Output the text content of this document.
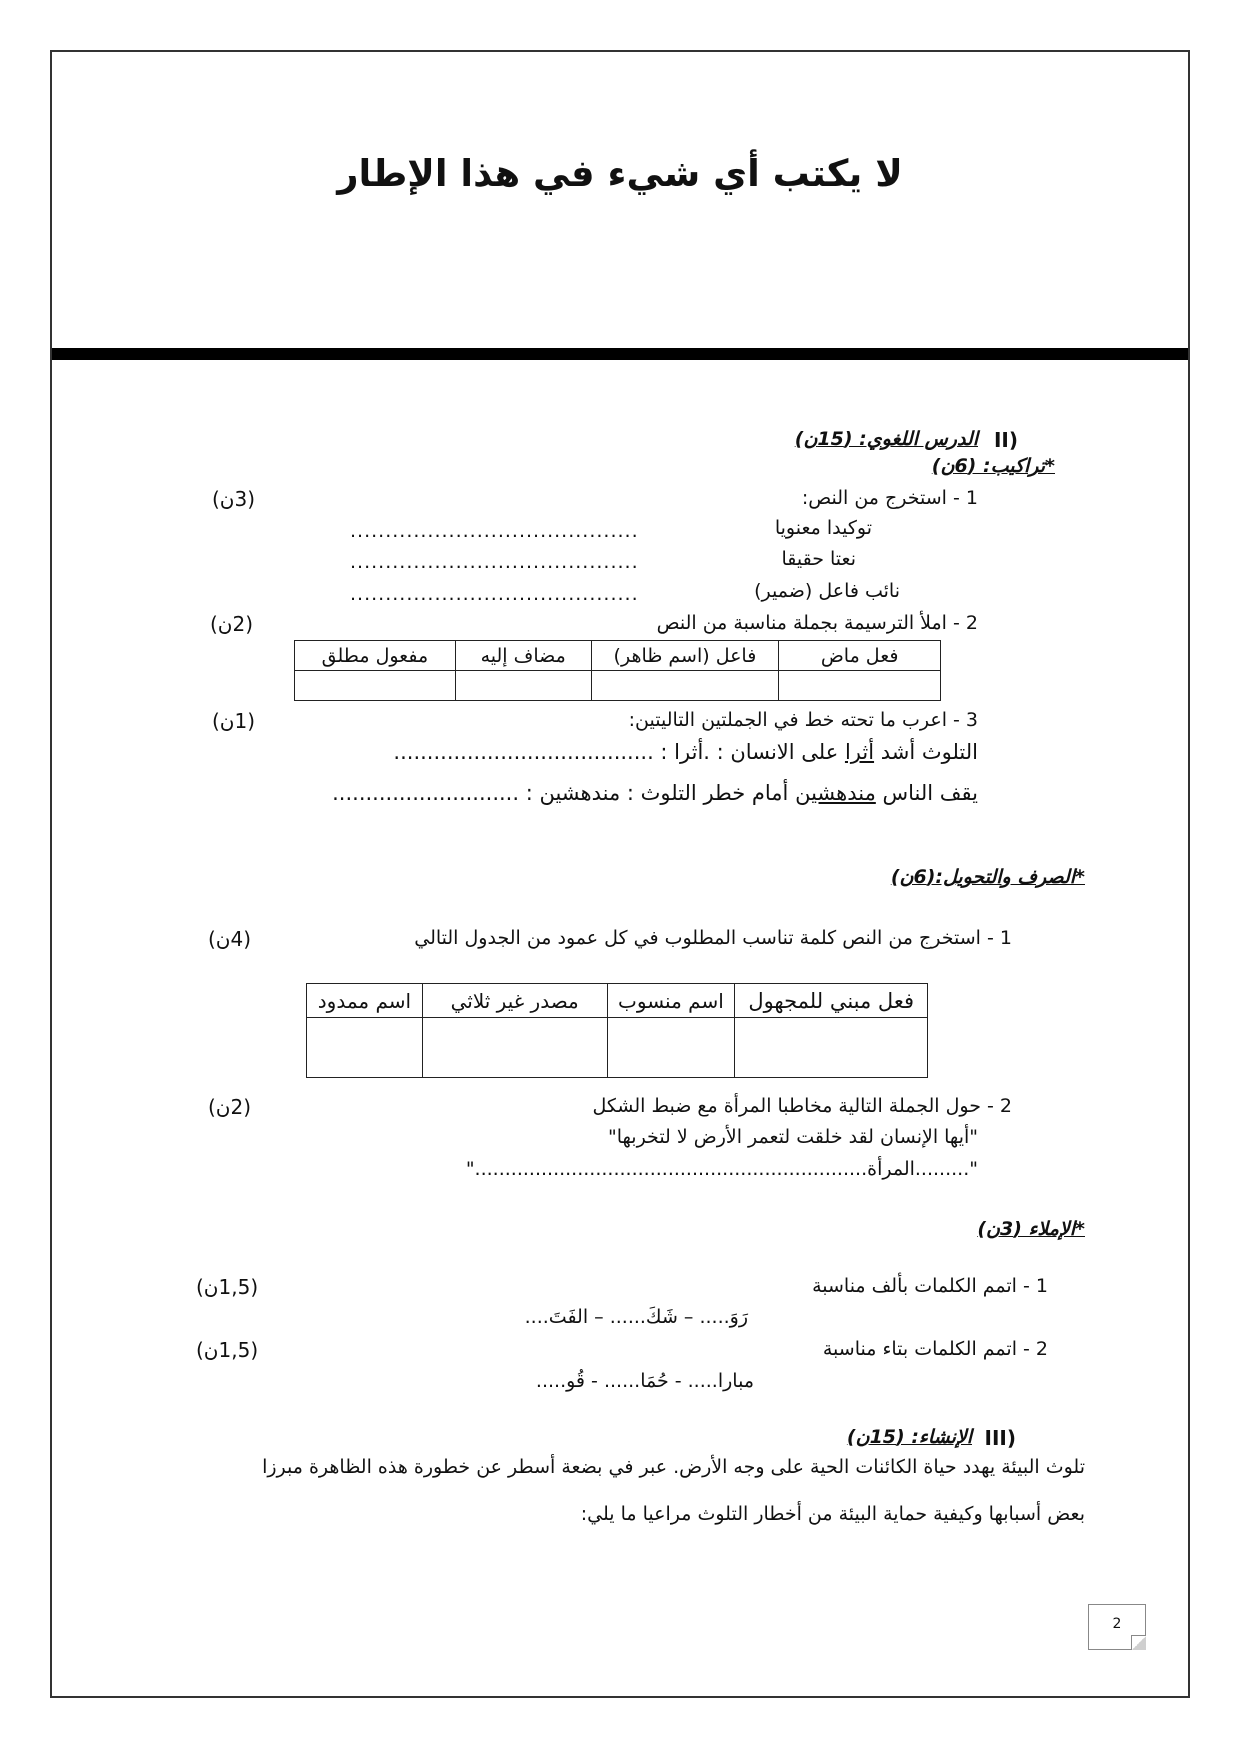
لا يكتب أي شيء في هذا الإطار
II)
الدرس اللغوي: (15ن)
*تراكيب: (6ن)
1 - استخرج من النص:
(3ن)
توكيدا معنويا
.........................................
نعتا حقيقا
.........................................
نائب فاعل (ضمير)
.........................................
2 - املأ الترسيمة بجملة مناسبة من النص
(2ن)
فعل ماض	فاعل (اسم ظاهر)	مضاف إليه	مفعول مطلق

3 - اعرب ما تحته خط في الجملتين التاليتين:
(1ن)
التلوث أشد أثرا على الانسان : .أثرا : .......................................
يقف الناس مندهشين أمام خطر التلوث : مندهشين : ............................
*الصرف والتحويل:(6ن)
1 - استخرج من النص كلمة تناسب المطلوب في كل عمود من الجدول التالي
(4ن)
فعل مبني للمجهول	اسم منسوب	مصدر غير ثلاثي	اسم ممدود

2 - حول الجملة التالية مخاطبا المرأة مع ضبط الشكل
(2ن)
"أيها الإنسان لقد خلقت لتعمر الأرض لا لتخربها"
".........المرأة................................................................."
*الإملاء (3ن)
1 - اتمم الكلمات بألف مناسبة
(1,5ن)
رَوَ..... – شَكَ...... – الفَتَ....
2 - اتمم الكلمات بتاء مناسبة
(1,5ن)
مبارا..... - حُمَا...... - قُو.....
III)
الإنشاء: (15ن)
تلوث البيئة يهدد حياة الكائنات الحية على وجه الأرض. عبر في بضعة أسطر عن خطورة هذه الظاهرة مبرزا
بعض أسبابها وكيفية حماية البيئة من أخطار التلوث مراعيا ما يلي:
2
